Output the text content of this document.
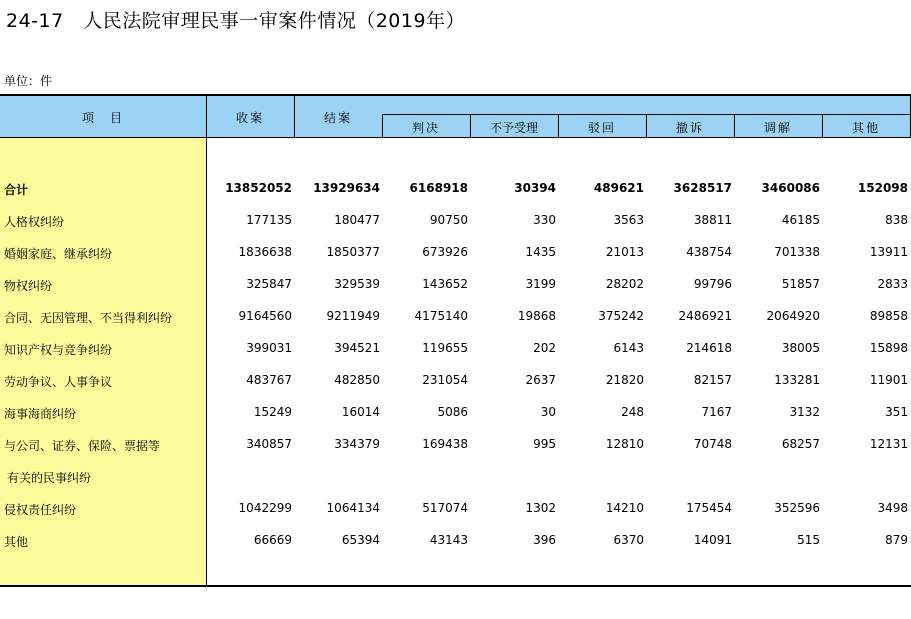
24-17　人民法院审理民事一审案件情况（2019年）
单位：件
项　目	收案	结案
判决	不予受理	驳回	撤诉	调解	其他
合计	13852052	13929634	6168918	30394	489621	3628517	3460086	152098
人格权纠纷	177135	180477	90750	330	3563	38811	46185	838
婚姻家庭、继承纠纷	1836638	1850377	673926	1435	21013	438754	701338	13911
物权纠纷	325847	329539	143652	3199	28202	99796	51857	2833
合同、无因管理、不当得利纠纷	9164560	9211949	4175140	19868	375242	2486921	2064920	89858
知识产权与竞争纠纷	399031	394521	119655	202	6143	214618	38005	15898
劳动争议、人事争议	483767	482850	231054	2637	21820	82157	133281	11901
海事海商纠纷	15249	16014	5086	30	248	7167	3132	351
与公司、证券、保险、票据等	340857	334379	169438	995	12810	70748	68257	12131
有关的民事纠纷
侵权责任纠纷	1042299	1064134	517074	1302	14210	175454	352596	3498
其他	66669	65394	43143	396	6370	14091	515	879
